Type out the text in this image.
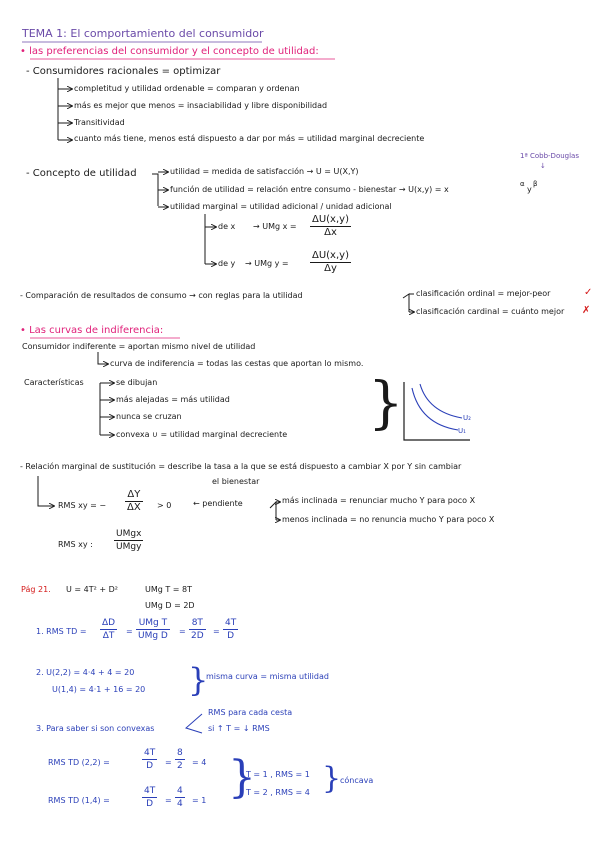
TEMA 1: El comportamiento del consumidor
• las preferencias del consumidor y el concepto de utilidad:
- Consumidores racionales = optimizar
completitud y utilidad ordenable = comparan y ordenan
más es mejor que menos = insaciabilidad y libre disponibilidad
Transitividad
cuanto más tiene, menos está dispuesto a dar por más = utilidad marginal decreciente
1ª Cobb-Douglas
↓
- Concepto de utilidad	utilidad = medida de satisfacción → U = U(X,Y)
función de utilidad = relación entre consumo - bienestar → U(x,y) = x
α
y
β
utilidad marginal = utilidad adicional / unidad adicional
de x → UMg $x = \frac{\Delta U(x,y)}{\Delta x}$
de y → UMg $y = \frac{\Delta U(x,y)}{\Delta y}$
- Comparación de resultados de consumo → con reglas para la utilidad	clasificación ordinal = mejor-peor	✓
clasificación cardinal = cuánto mejor ✗
• Las curvas de indiferencia:
Consumidor indiferente = aportan mismo nivel de utilidad
curva de indiferencia = todas las cestas que aportan lo mismo.
Características	se dibujan
más alejadas = más utilidad
nunca se cruzan
convexa ∪ = utilidad marginal decreciente }	U₂
U₁
- Relación marginal de sustitución = describe la tasa a la que se está dispuesto a cambiar X por Y sin cambiar
el bienestar
RMS xy = − $\frac{\Delta Y}{\Delta X} > 0$	← pendiente	más inclinada = renunciar mucho Y para poco X
menos inclinada = no renuncia mucho Y para poco X
RMS xy :
UMgx
UMgy
Pág 21. U = 4T² + D²	UMg T = 8T
UMg D = 2D
1. RMS TD = $\frac{\Delta D}{\Delta T}$ =
UMg T
UMg $D = \frac{8T}{2D} = \frac{4T}{D}$
2. U(2,2) = 4·4 + 4 = 20
U(1,4) = 4·1 + 16 = 20 }
misma curva = misma utilidad
3. Para saber si son convexas
RMS para cada cesta
si ↑ T = ↓ RMS
RMS TD (2,2) =	$\frac{4T}{D} = \frac{8}{2} = 4$
RMS TD (1,4) =	$\frac{4T}{D} = \frac{4}{4} = 1$ }
T = 1 , RMS = 1
T = 2 , RMS = 4 }
cóncava
